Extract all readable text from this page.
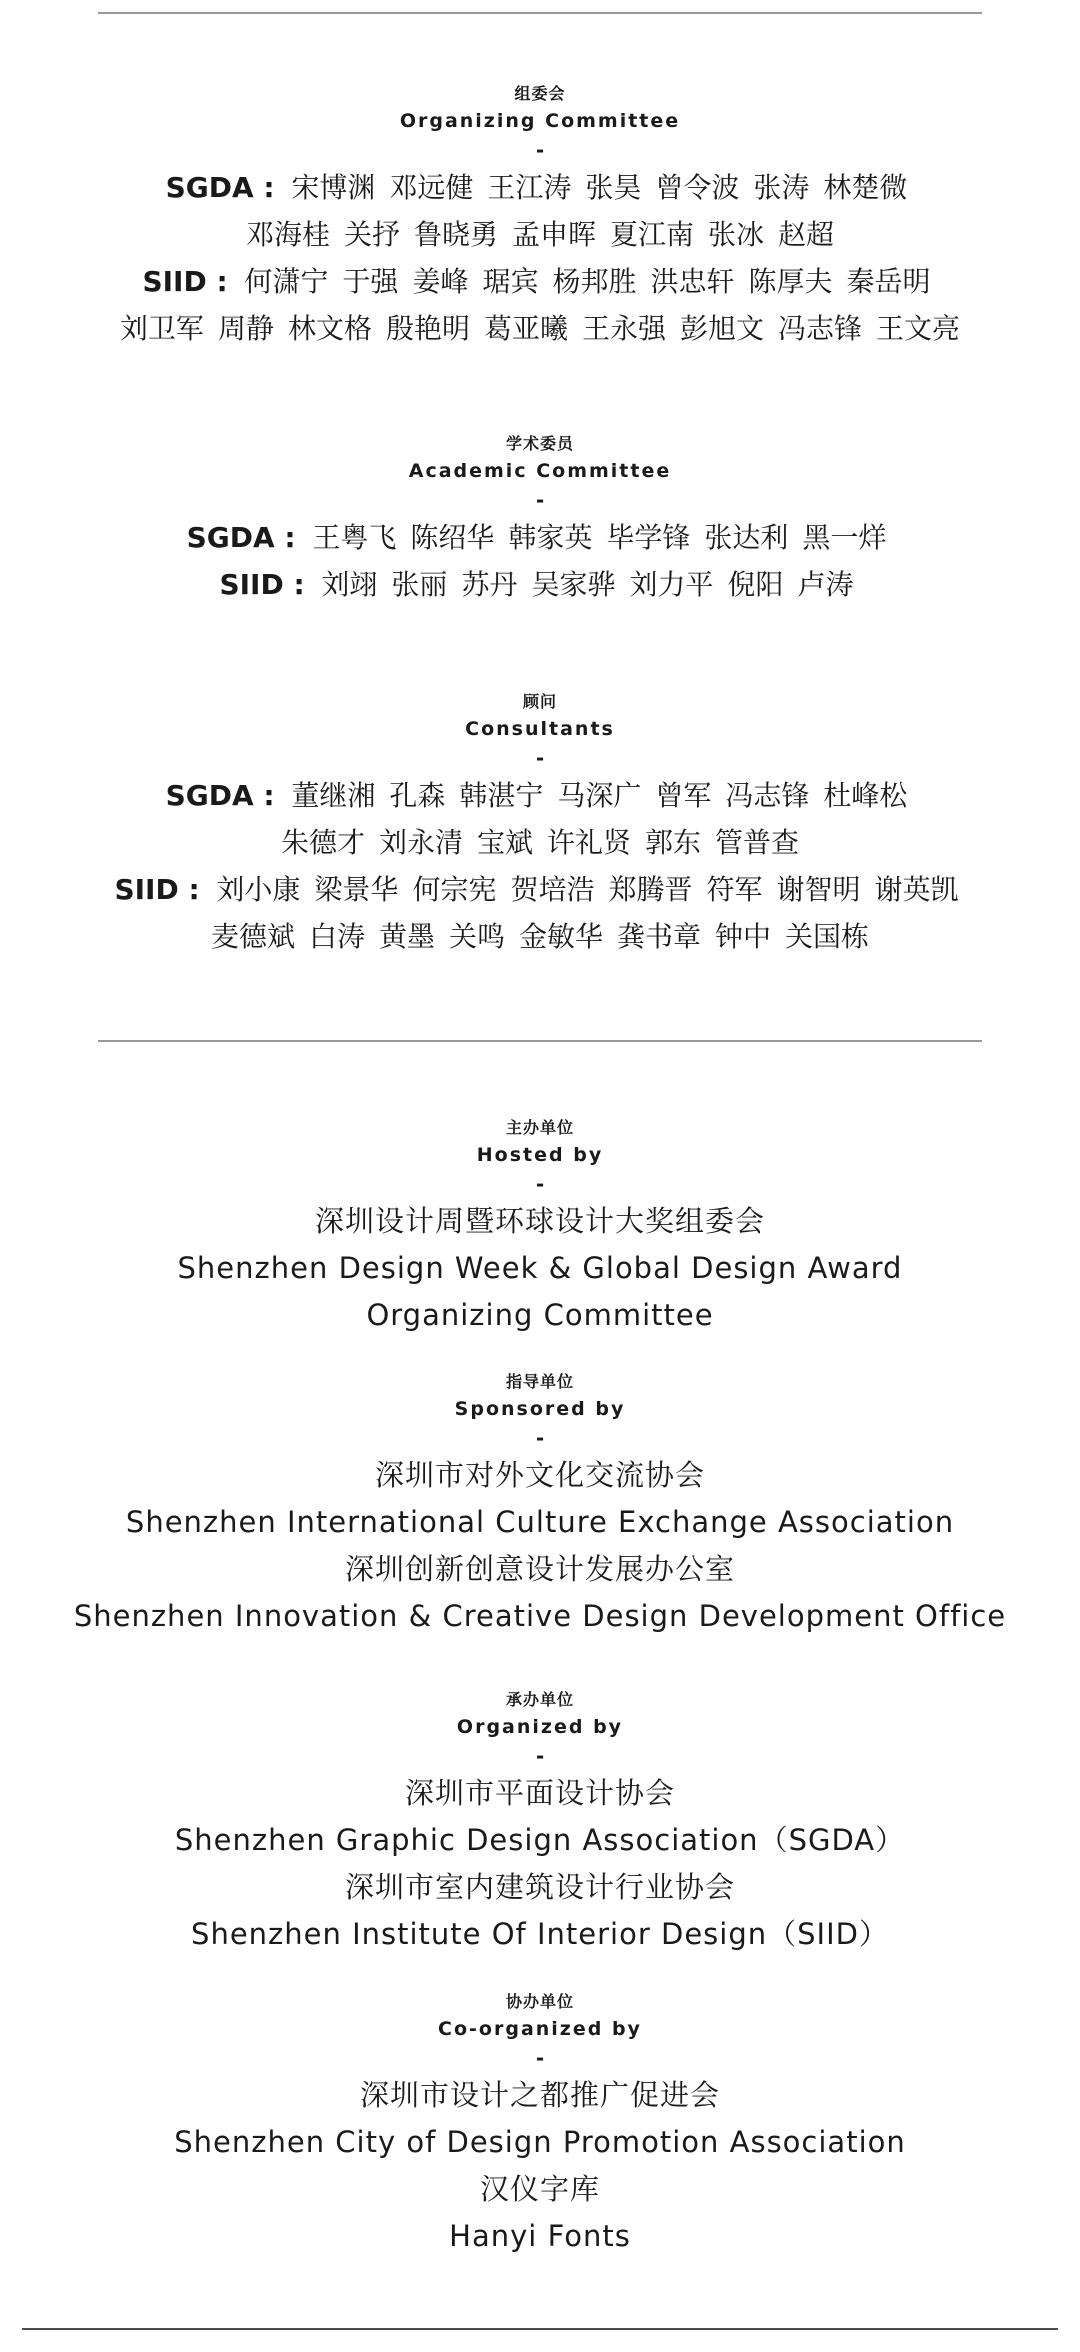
组委会
Organizing Committee
-
SGDA : 宋博渊 邓远健 王江涛 张昊 曾令波 张涛 林楚微
邓海桂 关抒 鲁晓勇 孟申晖 夏江南 张冰 赵超
SIID : 何潇宁 于强 姜峰 琚宾 杨邦胜 洪忠轩 陈厚夫 秦岳明
刘卫军 周静 林文格 殷艳明 葛亚曦 王永强 彭旭文 冯志锋 王文亮
学术委员
Academic Committee
-
SGDA : 王粤飞 陈绍华 韩家英 毕学锋 张达利 黑一烊
SIID : 刘翊 张丽 苏丹 吴家骅 刘力平 倪阳 卢涛
顾问
Consultants
-
SGDA : 董继湘 孔森 韩湛宁 马深广 曾军 冯志锋 杜峰松
朱德才 刘永清 宝斌 许礼贤 郭东 管普查
SIID : 刘小康 梁景华 何宗宪 贺培浩 郑腾晋 符军 谢智明 谢英凯
麦德斌 白涛 黄墨 关鸣 金敏华 龚书章 钟中 关国栋
主办单位
Hosted by
-
深圳设计周暨环球设计大奖组委会
Shenzhen Design Week & Global Design Award
Organizing Committee
指导单位
Sponsored by
-
深圳市对外文化交流协会
Shenzhen International Culture Exchange Association
深圳创新创意设计发展办公室
Shenzhen Innovation & Creative Design Development Office
承办单位
Organized by
-
深圳市平面设计协会
Shenzhen Graphic Design Association（SGDA）
深圳市室内建筑设计行业协会
Shenzhen Institute Of Interior Design（SIID）
协办单位
Co-organized by
-
深圳市设计之都推广促进会
Shenzhen City of Design Promotion Association
汉仪字库
Hanyi Fonts
